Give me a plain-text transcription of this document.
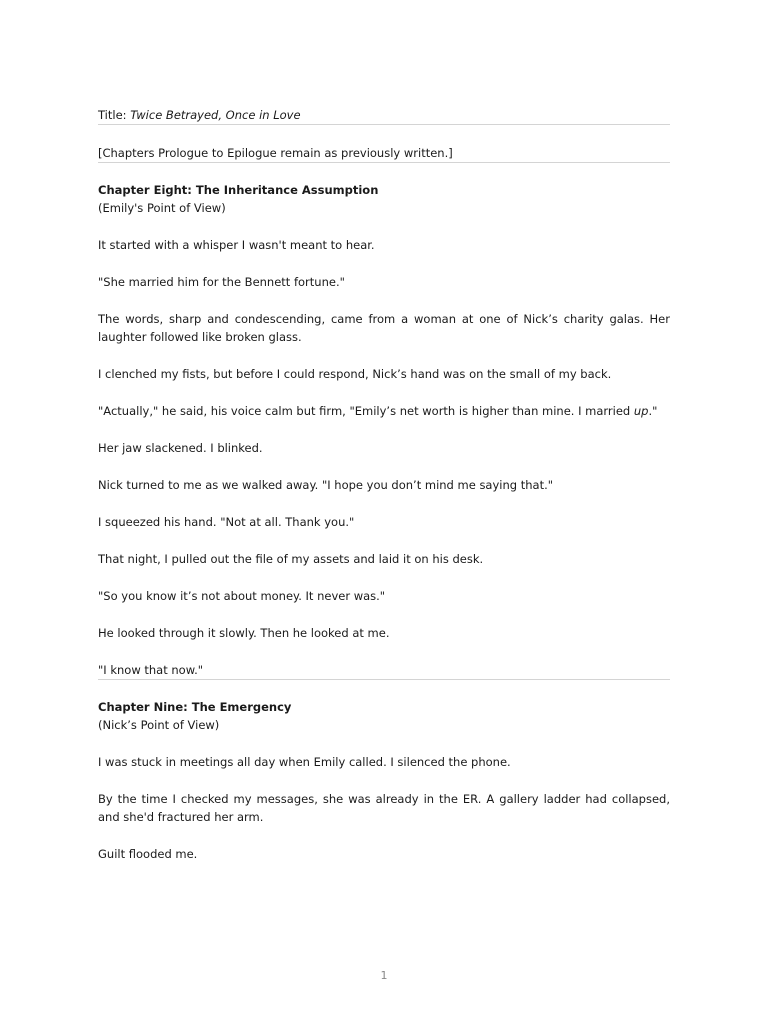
Title: Twice Betrayed, Once in Love

[Chapters Prologue to Epilogue remain as previously written.]

Chapter Eight: The Inheritance Assumption

(Emily's Point of View)

It started with a whisper I wasn't meant to hear.

"She married him for the Bennett fortune."

The words, sharp and condescending, came from a woman at one of Nick’s charity galas. Her laughter followed like broken glass.

I clenched my fists, but before I could respond, Nick’s hand was on the small of my back.

"Actually," he said, his voice calm but firm, "Emily’s net worth is higher than mine. I married up."

Her jaw slackened. I blinked.

Nick turned to me as we walked away. "I hope you don’t mind me saying that."

I squeezed his hand. "Not at all. Thank you."

That night, I pulled out the file of my assets and laid it on his desk.

"So you know it’s not about money. It never was."

He looked through it slowly. Then he looked at me.

"I know that now."

Chapter Nine: The Emergency

(Nick’s Point of View)

I was stuck in meetings all day when Emily called. I silenced the phone.

By the time I checked my messages, she was already in the ER. A gallery ladder had collapsed, and she'd fractured her arm.

Guilt flooded me.

1
